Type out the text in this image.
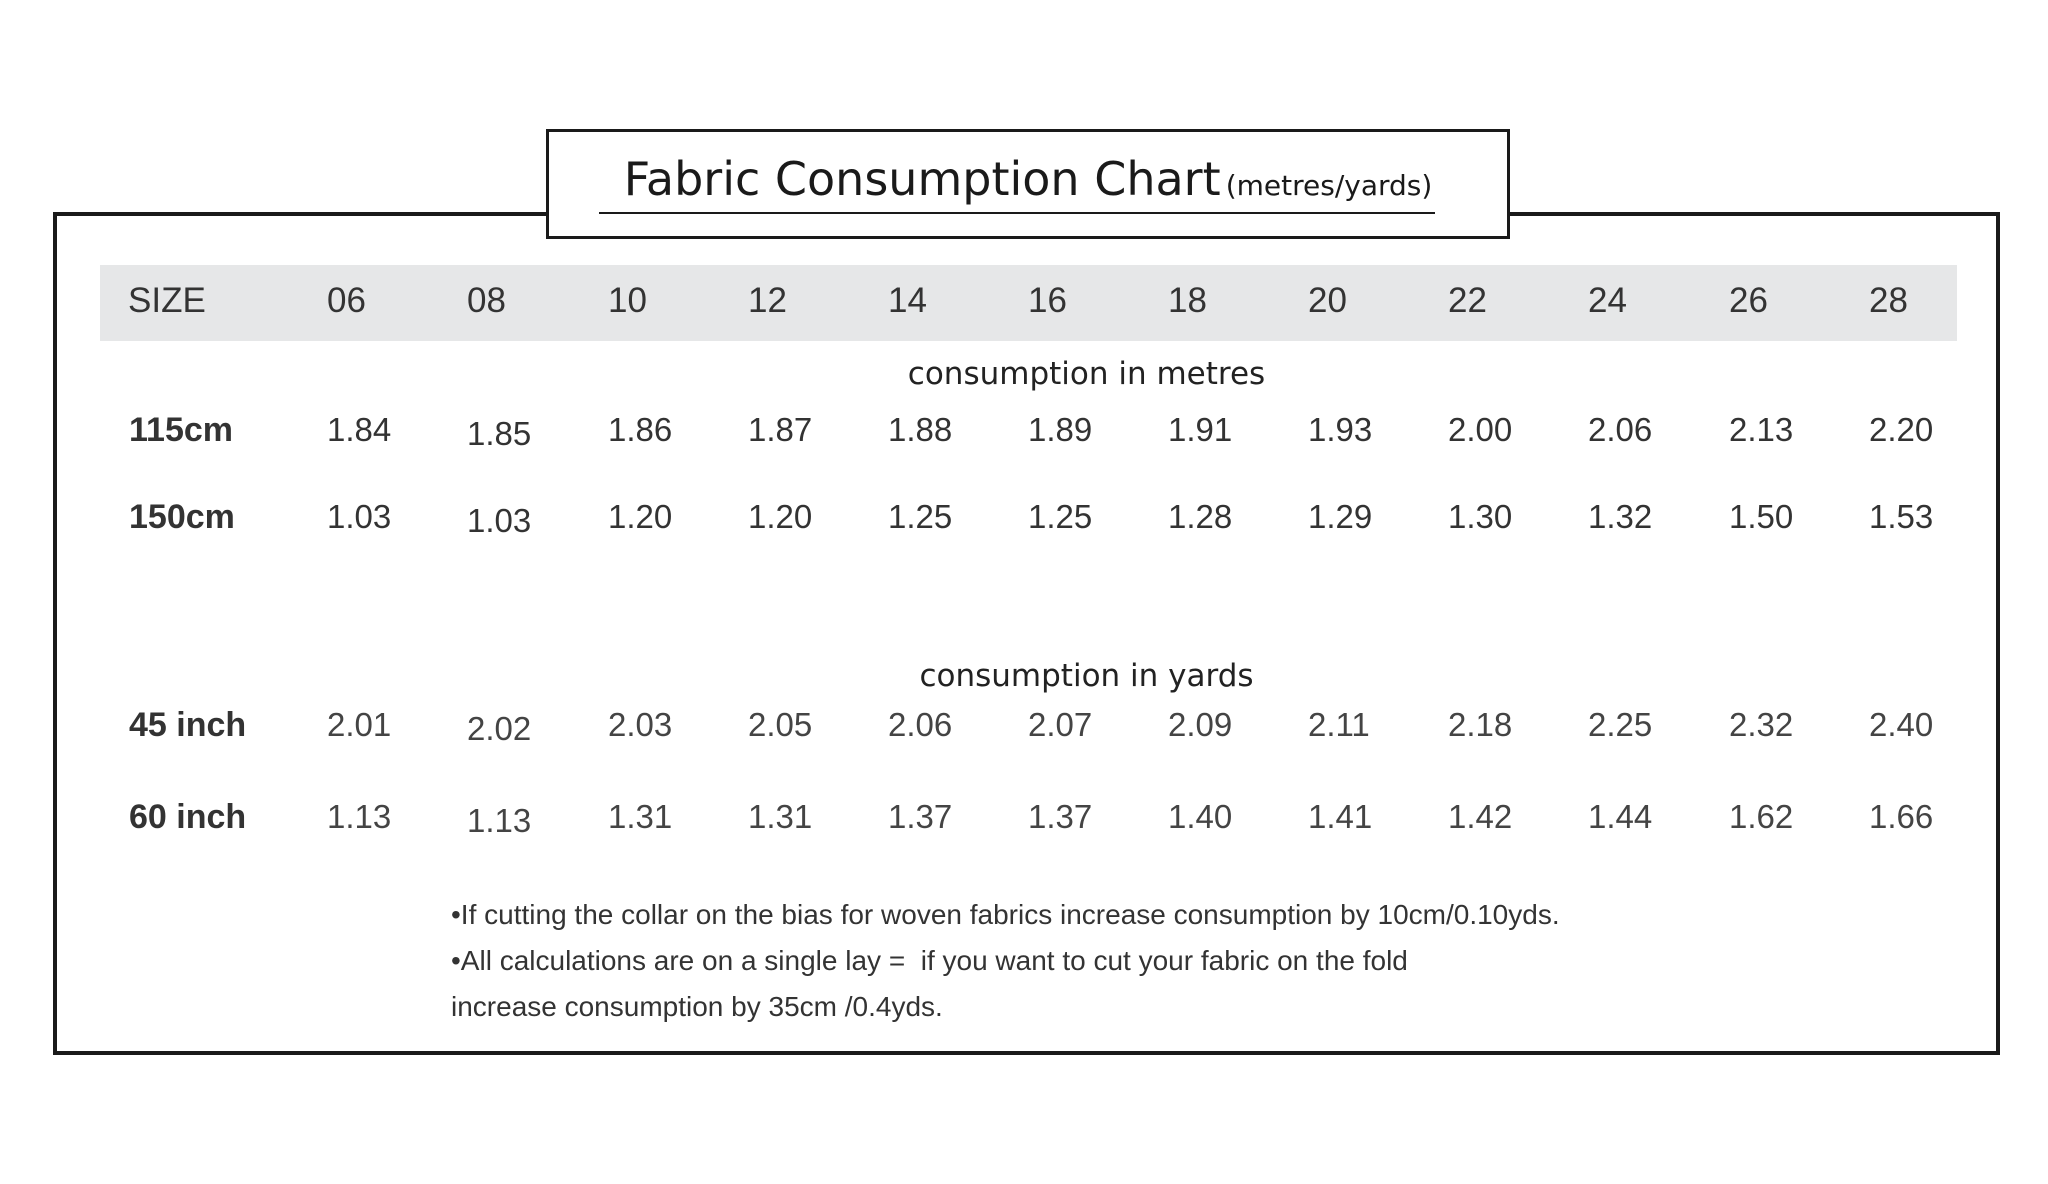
Fabric Consumption Chart (metres/yards)
SIZE	06	08	10	12	14	16	18	20	22	24	26	28
consumption in metres
consumption in yards
115cm	1.84 1.85 1.86 1.87 1.88 1.89 1.91 1.93 2.00 2.06 2.13 2.20
150cm	1.03 1.03 1.20 1.20 1.25 1.25 1.28 1.29 1.30 1.32 1.50 1.53
45 inch 2.01 2.02 2.03 2.05 2.06 2.07 2.09 2.11 2.18 2.25 2.32 2.40
60 inch 1.13 1.13 1.31 1.31 1.37 1.37 1.40 1.41 1.42 1.44 1.62 1.66
•If cutting the collar on the bias for woven fabrics increase consumption by 10cm/0.10yds.
•All calculations are on a single lay =  if you want to cut your fabric on the fold
increase consumption by 35cm /0.4yds.
